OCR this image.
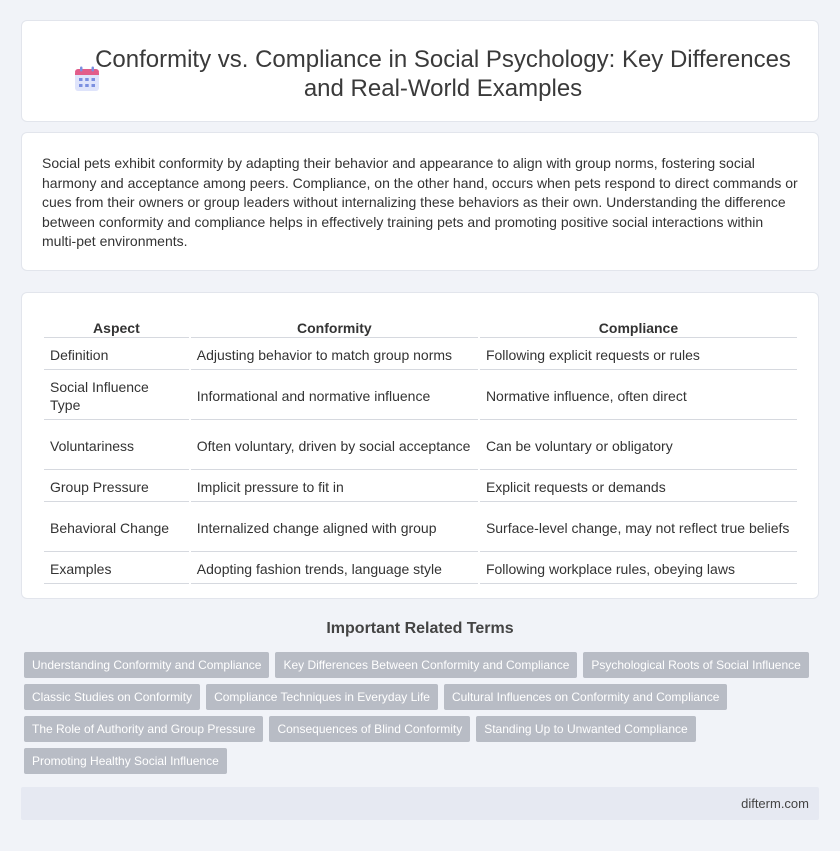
Conformity vs. Compliance in Social Psychology: Key Differences and Real-World Examples

Social pets exhibit conformity by adapting their behavior and appearance to align with group norms, fostering social harmony and acceptance among peers. Compliance, on the other hand, occurs when pets respond to direct commands or cues from their owners or group leaders without internalizing these behaviors as their own. Understanding the difference between conformity and compliance helps in effectively training pets and promoting positive social interactions within multi-pet environments.

Aspect	Conformity	Compliance
Definition	Adjusting behavior to match group norms	Following explicit requests or rules
Social Influence Type	Informational and normative influence	Normative influence, often direct
Voluntariness	Often voluntary, driven by social acceptance	Can be voluntary or obligatory
Group Pressure	Implicit pressure to fit in	Explicit requests or demands
Behavioral Change	Internalized change aligned with group	Surface-level change, may not reflect true beliefs
Examples	Adopting fashion trends, language style	Following workplace rules, obeying laws
Important Related Terms
Understanding Conformity and Compliance	Key Differences Between Conformity and Compliance	Psychological Roots of Social Influence
Classic Studies on Conformity	Compliance Techniques in Everyday Life	Cultural Influences on Conformity and Compliance
The Role of Authority and Group Pressure	Consequences of Blind Conformity	Standing Up to Unwanted Compliance
Promoting Healthy Social Influence
difterm.com
